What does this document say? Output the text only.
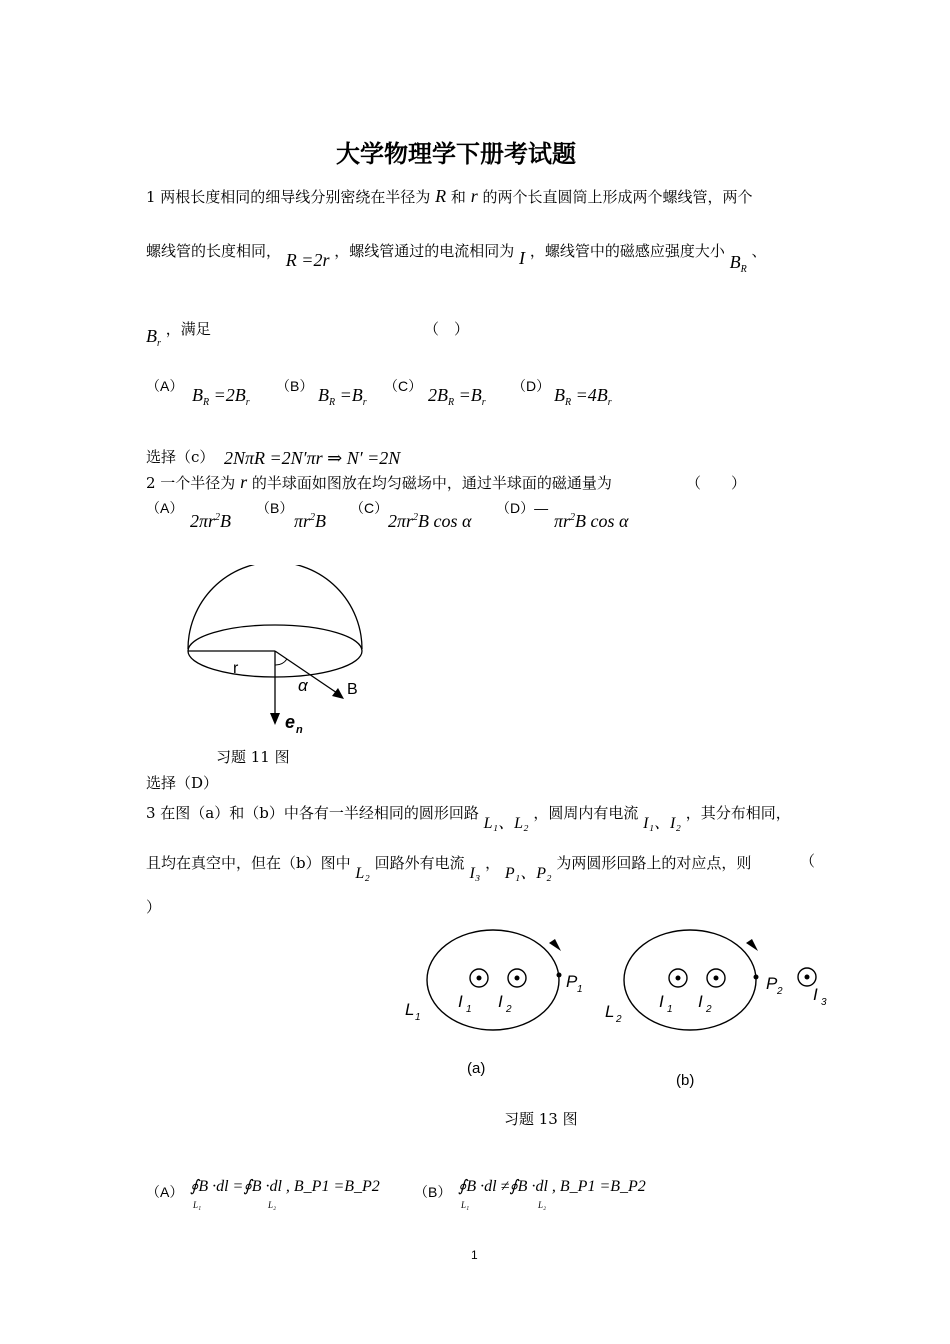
大学物理学下册考试题
1 两根长度相同的细导线分别密绕在半径为 R 和 r 的两个长直圆筒上形成两个螺线管，两个
螺线管的长度相同， R =2r ，螺线管通过的电流相同为 I ，螺线管中的磁感应强度大小 $B_R$ 、
$B_r$ ，满足	（　）
（A） $B_R =2B_r$
（B） $B_R =B_r$
（C） $2B_R =B_r$
（D） $B_R =4B_r$
选择（c） 2NπR =2N′πr ⇒ N′ =2N
2 一个半径为 r 的半球面如图放在均匀磁场中，通过半球面的磁通量为	（　　）
（A）
$2\pi r^2B$
（B）
$\pi r^2B$
（C）
$2\pi r^2B$ cos α
（D）—
$\pi r^2B$ cos α
r
α B
e n
习题 11 图
选择（D）
3 在图（a）和（b）中各有一半经相同的圆形回路 L₁、L₂ ，圆周内有电流 I₁、I₂ ，其分布相同，
且均在真空中，但在（b）图中 L₂ 回路外有电流 I₃ ， P₁、P₂ 为两圆形回路上的对应点，则	（
）
P 1
I 1 I 2
L 1
P 2
I 1 I 2
I 3
L 2
(a)
(b)
习题 13 图
（A） ∮B ·dl =∮B ·dl , B_P1 =B_P2
L₁	L₂
（B） ∮B ·dl ≠∮B ·dl , B_P1 =B_P2
L₁	L₂
1
